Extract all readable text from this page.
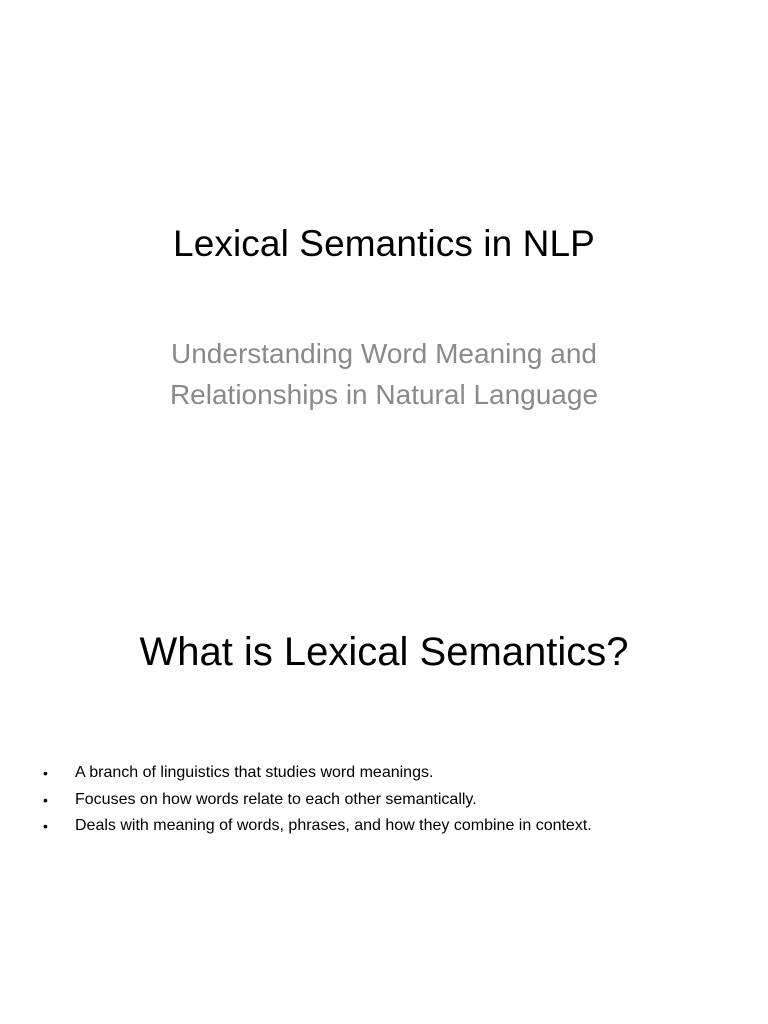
Lexical Semantics in NLP
Understanding Word Meaning and
Relationships in Natural Language
What is Lexical Semantics?
• A branch of linguistics that studies word meanings.
• Focuses on how words relate to each other semantically.
• Deals with meaning of words, phrases, and how they combine in context.
